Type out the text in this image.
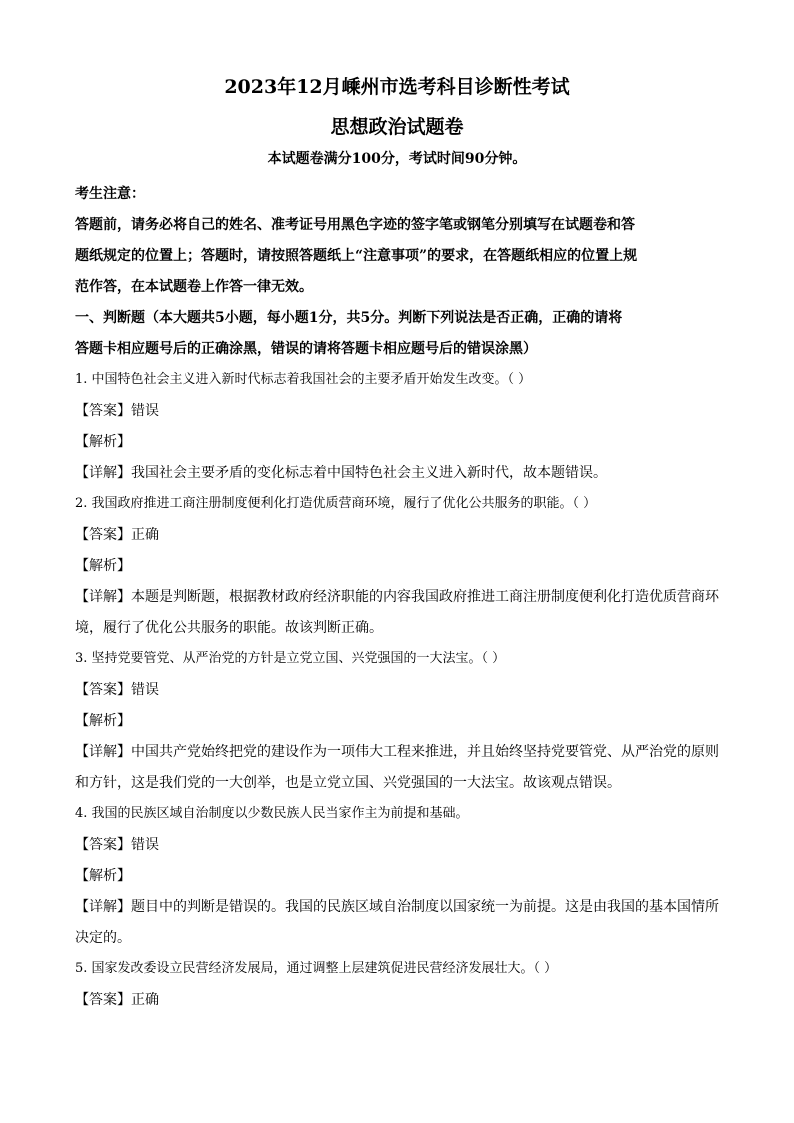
2023年12月嵊州市选考科目诊断性考试
思想政治试题卷
本试题卷满分100分，考试时间90分钟。
考生注意：
答题前，请务必将自己的姓名、准考证号用黑色字迹的签字笔或钢笔分别填写在试题卷和答
题纸规定的位置上；答题时，请按照答题纸上“注意事项”的要求，在答题纸相应的位置上规
范作答，在本试题卷上作答一律无效。
一、判断题（本大题共5小题，每小题1分，共5分。判断下列说法是否正确，正确的请将
答题卡相应题号后的正确涂黑，错误的请将答题卡相应题号后的错误涂黑）
1. 中国特色社会主义进入新时代标志着我国社会的主要矛盾开始发生改变。（ ）
【答案】错误
【解析】
【详解】我国社会主要矛盾的变化标志着中国特色社会主义进入新时代，故本题错误。
2. 我国政府推进工商注册制度便利化打造优质营商环境，履行了优化公共服务的职能。（ ）
【答案】正确
【解析】
【详解】本题是判断题，根据教材政府经济职能的内容我国政府推进工商注册制度便利化打造优质营商环
境，履行了优化公共服务的职能。故该判断正确。
3. 坚持党要管党、从严治党的方针是立党立国、兴党强国的一大法宝。（ ）
【答案】错误
【解析】
【详解】中国共产党始终把党的建设作为一项伟大工程来推进，并且始终坚持党要管党、从严治党的原则
和方针，这是我们党的一大创举，也是立党立国、兴党强国的一大法宝。故该观点错误。
4. 我国的民族区域自治制度以少数民族人民当家作主为前提和基础。
【答案】错误
【解析】
【详解】题目中的判断是错误的。我国的民族区域自治制度以国家统一为前提。这是由我国的基本国情所
决定的。
5. 国家发改委设立民营经济发展局，通过调整上层建筑促进民营经济发展壮大。（ ）
【答案】正确
